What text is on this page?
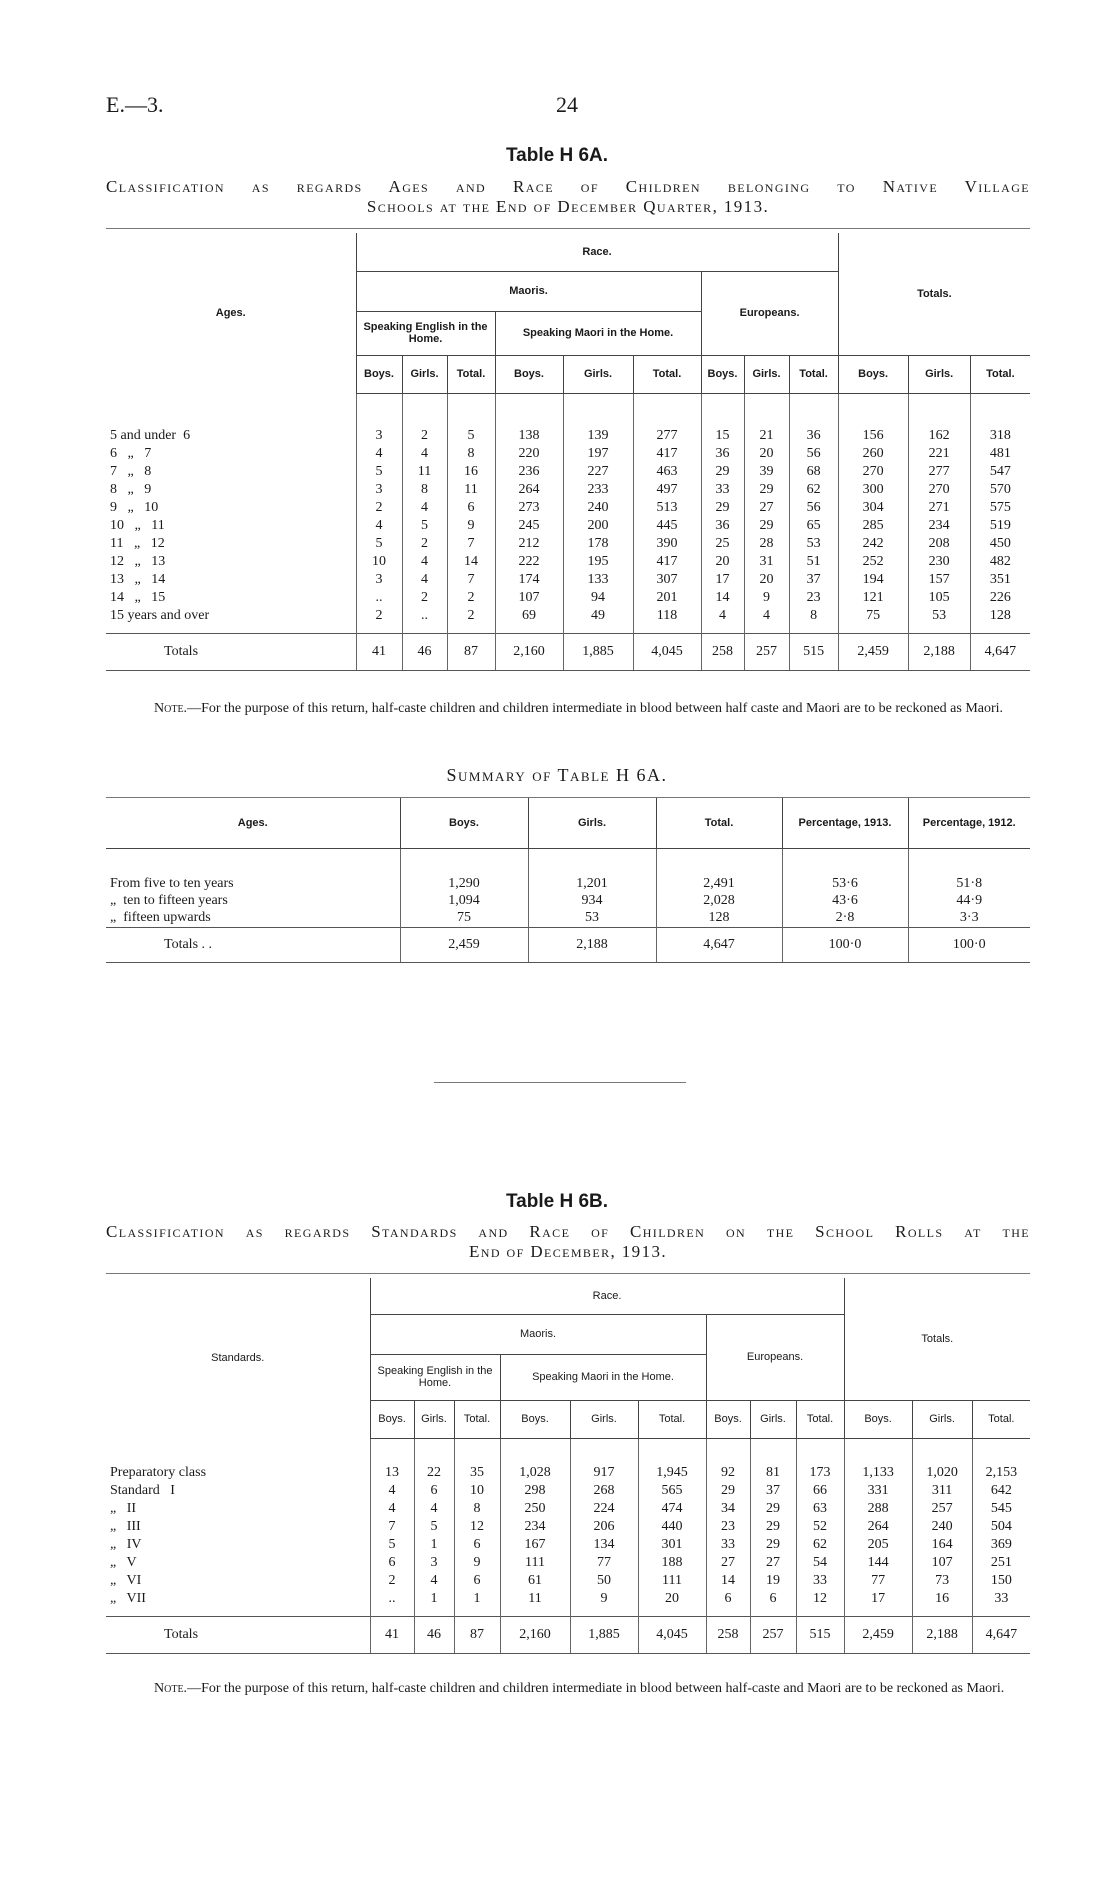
E.—3.	24
Table H 6A.
Classification as regards Ages and Race of Children belonging to Native Village
Schools at the End of December Quarter, 1913.
Ages.	Race.									Totals.		
	Maoris.						Europeans.					
	Speaking English in the Home.			Speaking Maori in the Home.								
	Boys.	Girls.	Total.	Boys.	Girls.	Total.	Boys.	Girls.	Total.	Boys.	Girls.	Total.

5 and under  6	3	2	5	138	139	277	15	21	36	156	162	318
6   „   7	4	4	8	220	197	417	36	20	56	260	221	481
7   „   8	5	11	16	236	227	463	29	39	68	270	277	547
8   „   9	3	8	11	264	233	497	33	29	62	300	270	570
9   „   10	2	4	6	273	240	513	29	27	56	304	271	575
10   „   11	4	5	9	245	200	445	36	29	65	285	234	519
11   „   12	5	2	7	212	178	390	25	28	53	242	208	450
12   „   13	10	4	14	222	195	417	20	31	51	252	230	482
13   „   14	3	4	7	174	133	307	17	20	37	194	157	351
14   „   15	..	2	2	107	94	201	14	9	23	121	105	226
15 years and over	2	..	2	69	49	118	4	4	8	75	53	128

Totals	41	46	87	2,160	1,885	4,045	258	257	515	2,459	2,188	4,647
Note.—For the purpose of this return, half-caste children and children intermediate in blood between half caste and Maori are to be reckoned as Maori.
Summary of Table H 6A.
Ages.	Boys.	Girls.	Total.	Percentage, 1913.	Percentage, 1912.

From five to ten years	1,290	1,201	2,491	53·6	51·8
„  ten to fifteen years	1,094	934	2,028	43·6	44·9
„  fifteen upwards	75	53	128	2·8	3·3

Totals . .	2,459	2,188	4,647	100·0	100·0
Table H 6B.
Classification as regards Standards and Race of Children on the School Rolls at the
End of December, 1913.
Standards.	Race.									Totals.		
	Maoris.						Europeans.					
	Speaking English in the Home.			Speaking Maori in the Home.								
	Boys.	Girls.	Total.	Boys.	Girls.	Total.	Boys.	Girls.	Total.	Boys.	Girls.	Total.

Preparatory class	13	22	35	1,028	917	1,945	92	81	173	1,133	1,020	2,153
Standard   I	4	6	10	298	268	565	29	37	66	331	311	642
„   II	4	4	8	250	224	474	34	29	63	288	257	545
„   III	7	5	12	234	206	440	23	29	52	264	240	504
„   IV	5	1	6	167	134	301	33	29	62	205	164	369
„   V	6	3	9	111	77	188	27	27	54	144	107	251
„   VI	2	4	6	61	50	111	14	19	33	77	73	150
„   VII	..	1	1	11	9	20	6	6	12	17	16	33

Totals	41	46	87	2,160	1,885	4,045	258	257	515	2,459	2,188	4,647
Note.—For the purpose of this return, half-caste children and children intermediate in blood between half-caste and Maori are to be reckoned as Maori.
